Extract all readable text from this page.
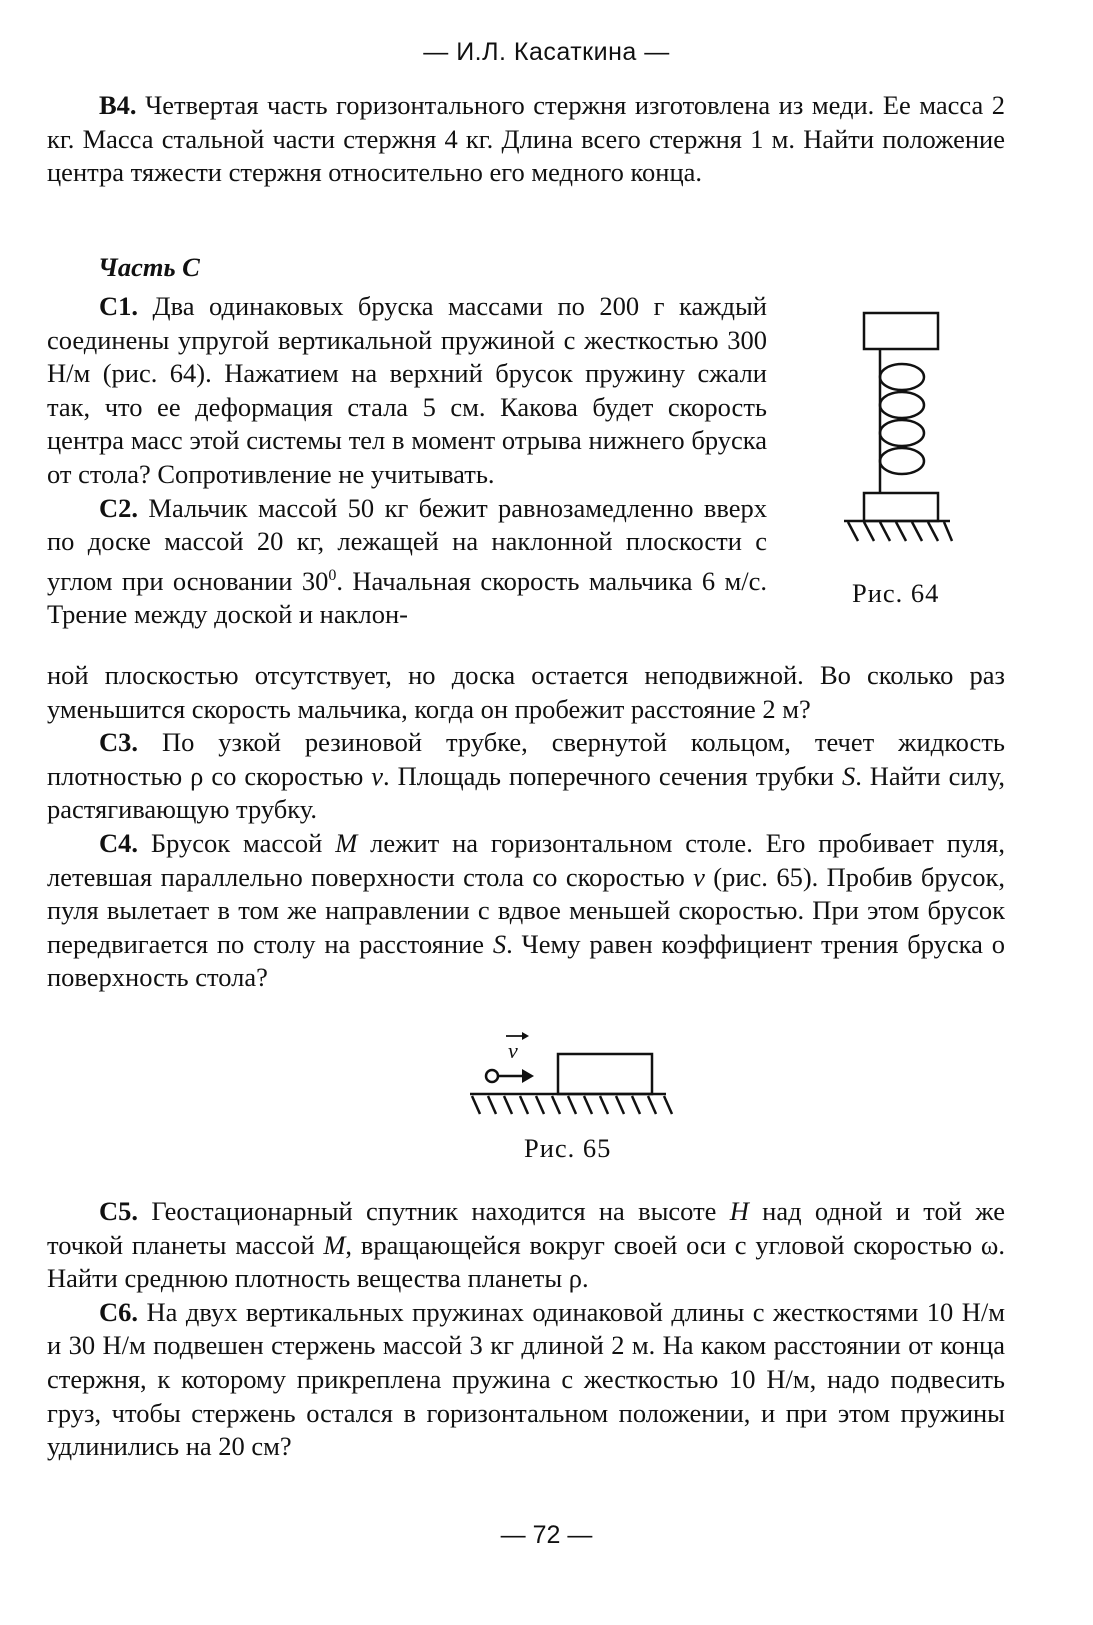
— И.Л. Касаткина —

В4. Четвертая часть горизонтального стержня изготовлена из меди. Ее масса 2 кг. Масса стальной части стержня 4 кг. Длина всего стержня 1 м. Найти положение центра тяжести стержня относительно его медного конца.

Часть С

С1. Два одинаковых бруска массами по 200 г каждый соединены упругой вертикальной пружиной с жесткостью 300 Н/м (рис. 64). Нажатием на верхний брусок пружину сжали так, что ее деформация стала 5 см. Какова будет скорость центра масс этой системы тел в момент отрыва нижнего бруска от стола? Сопротивление не учитывать.

С2. Мальчик массой 50 кг бежит равнозамедленно вверх по доске массой 20 кг, лежащей на наклонной плоскости с углом при основании $30^0$. Начальная скорость мальчика 6 м/с. Трение между доской и наклон-

Рис. 64

ной плоскостью отсутствует, но доска остается неподвижной. Во сколько раз уменьшится скорость мальчика, когда он пробежит расстояние 2 м?

С3. По узкой резиновой трубке, свернутой кольцом, течет жидкость плотностью ρ со скоростью v. Площадь поперечного сечения трубки S. Найти силу, растягивающую трубку.

С4. Брусок массой M лежит на горизонтальном столе. Его пробивает пуля, летевшая параллельно поверхности стола со скоростью v (рис. 65). Пробив брусок, пуля вылетает в том же направлении с вдвое меньшей скоростью. При этом брусок передвигается по столу на расстояние S. Чему равен коэффициент трения бруска о поверхность стола?

v
Рис. 65

С5. Геостационарный спутник находится на высоте H над одной и той же точкой планеты массой M, вращающейся вокруг своей оси с угловой скоростью ω. Найти среднюю плотность вещества планеты ρ.

С6. На двух вертикальных пружинах одинаковой длины с жесткостями 10 Н/м и 30 Н/м подвешен стержень массой 3 кг длиной 2 м. На каком расстоянии от конца стержня, к которому прикреплена пружина с жесткостью 10 Н/м, надо подвесить груз, чтобы стержень остался в горизонтальном положении, и при этом пружины удлинились на 20 см?

— 72 —
